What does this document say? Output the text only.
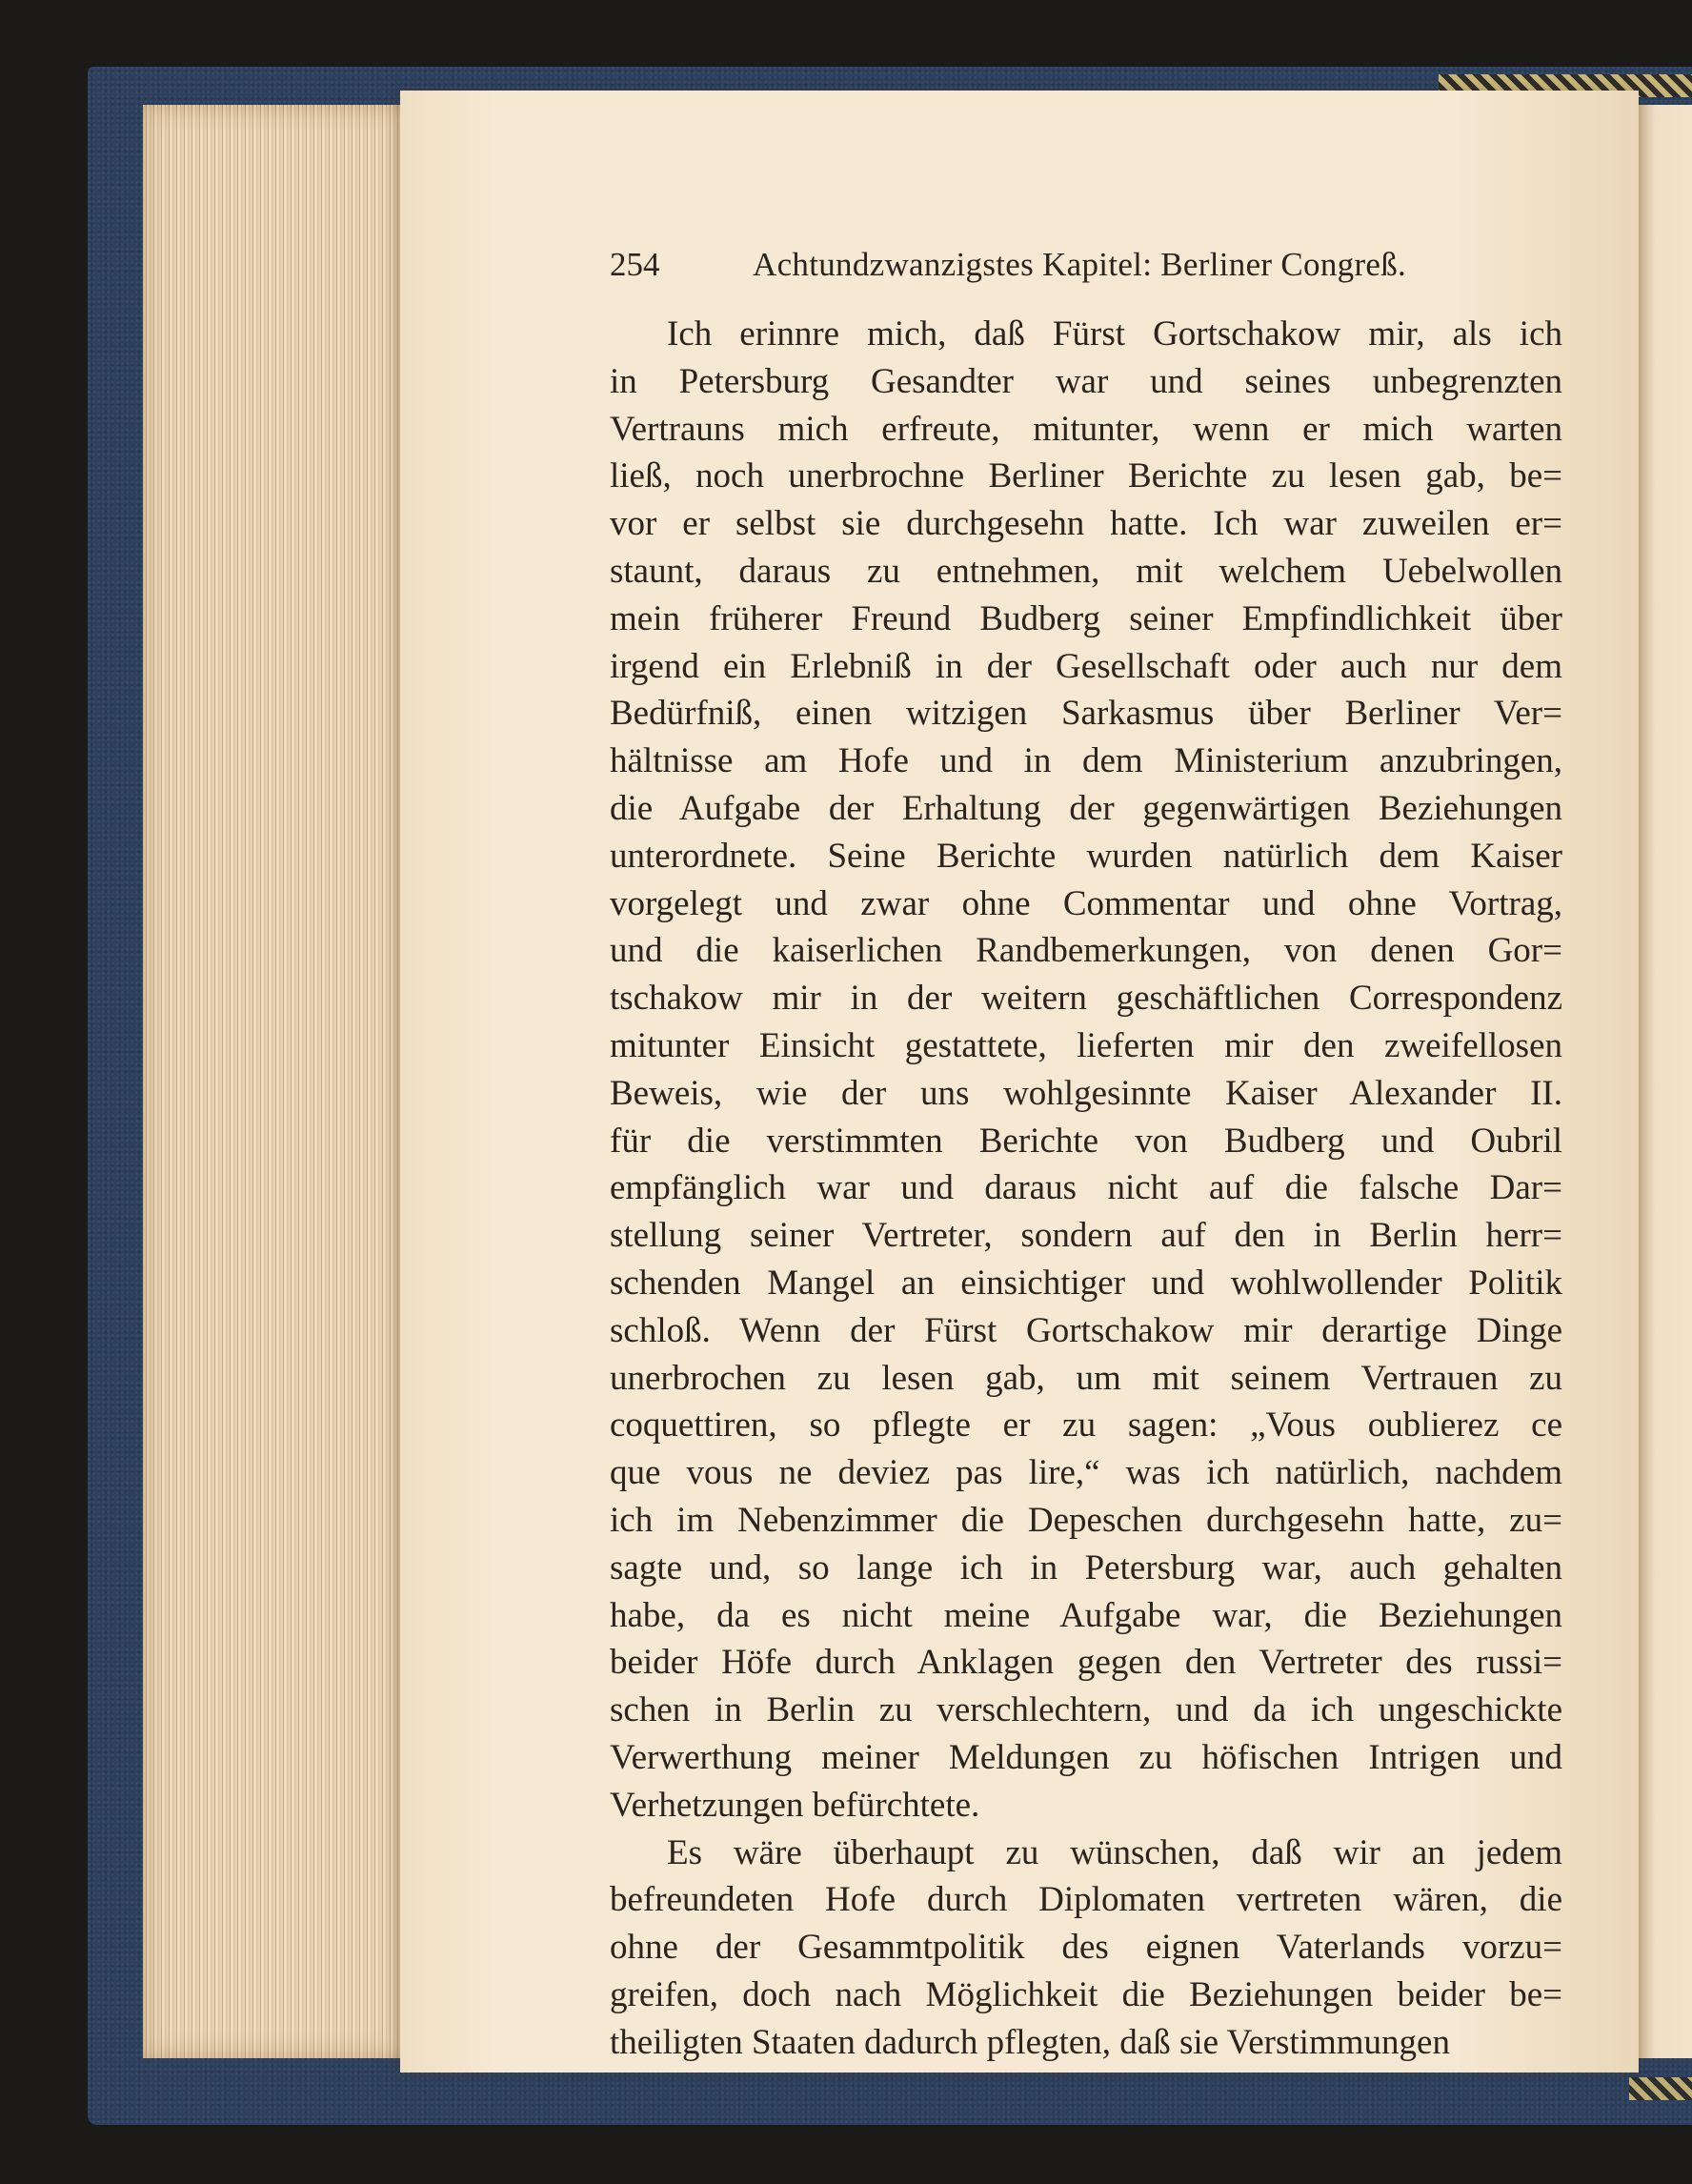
254	Achtundzwanzigstes Kapitel: Berliner Congreß.
Ich erinnre mich, daß Fürst Gortschakow mir, als ich
in Petersburg Gesandter war und seines unbegrenzten
Vertrauns mich erfreute, mitunter, wenn er mich warten
ließ, noch unerbrochne Berliner Berichte zu lesen gab, be=
vor er selbst sie durchgesehn hatte. Ich war zuweilen er=
staunt, daraus zu entnehmen, mit welchem Uebelwollen
mein früherer Freund Budberg seiner Empfindlichkeit über
irgend ein Erlebniß in der Gesellschaft oder auch nur dem
Bedürfniß, einen witzigen Sarkasmus über Berliner Ver=
hältnisse am Hofe und in dem Ministerium anzubringen,
die Aufgabe der Erhaltung der gegenwärtigen Beziehungen
unterordnete. Seine Berichte wurden natürlich dem Kaiser
vorgelegt und zwar ohne Commentar und ohne Vortrag,
und die kaiserlichen Randbemerkungen, von denen Gor=
tschakow mir in der weitern geschäftlichen Correspondenz
mitunter Einsicht gestattete, lieferten mir den zweifellosen
Beweis, wie der uns wohlgesinnte Kaiser Alexander II.
für die verstimmten Berichte von Budberg und Oubril
empfänglich war und daraus nicht auf die falsche Dar=
stellung seiner Vertreter, sondern auf den in Berlin herr=
schenden Mangel an einsichtiger und wohlwollender Politik
schloß. Wenn der Fürst Gortschakow mir derartige Dinge
unerbrochen zu lesen gab, um mit seinem Vertrauen zu
coquettiren, so pflegte er zu sagen: „Vous oublierez ce
que vous ne deviez pas lire,“ was ich natürlich, nachdem
ich im Nebenzimmer die Depeschen durchgesehn hatte, zu=
sagte und, so lange ich in Petersburg war, auch gehalten
habe, da es nicht meine Aufgabe war, die Beziehungen
beider Höfe durch Anklagen gegen den Vertreter des russi=
schen in Berlin zu verschlechtern, und da ich ungeschickte
Verwerthung meiner Meldungen zu höfischen Intrigen und
Verhetzungen befürchtete.
Es wäre überhaupt zu wünschen, daß wir an jedem
befreundeten Hofe durch Diplomaten vertreten wären, die
ohne der Gesammtpolitik des eignen Vaterlands vorzu=
greifen, doch nach Möglichkeit die Beziehungen beider be=
theiligten Staaten dadurch pflegten, daß sie Verstimmungen
